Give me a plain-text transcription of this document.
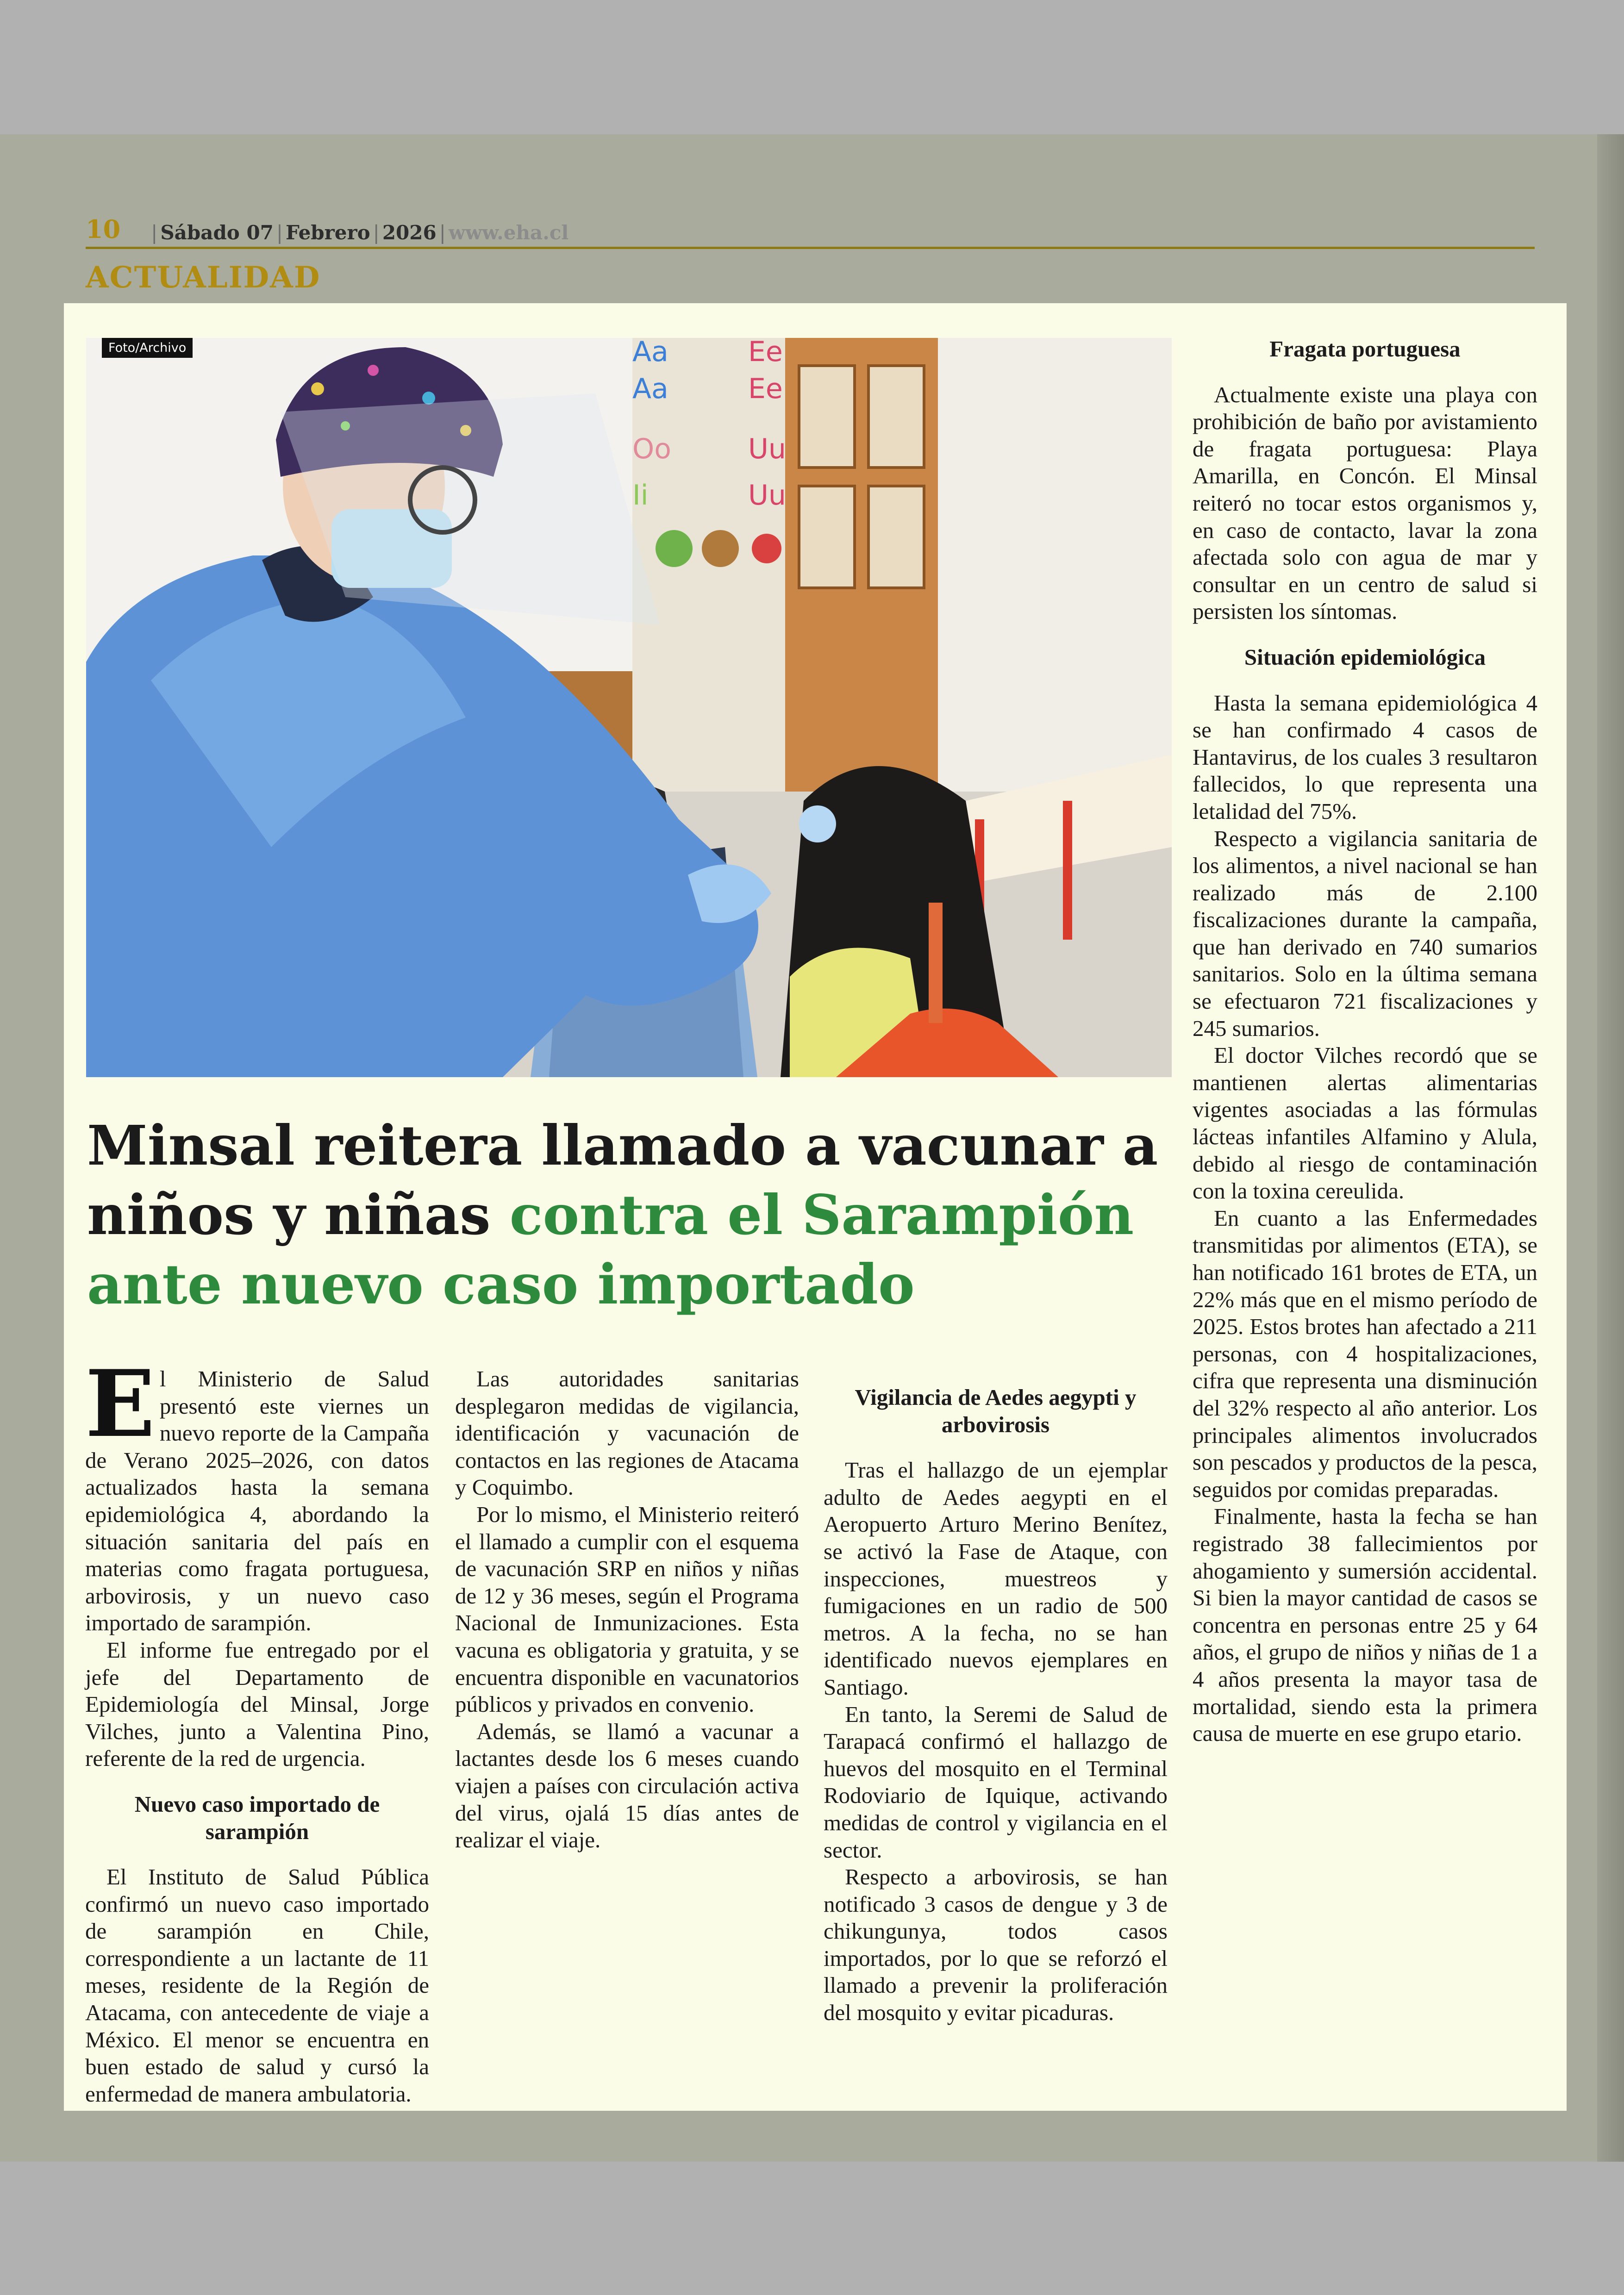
10 | Sábado 07 | Febrero | 2026 | www.eha.cl
ACTUALIDAD
Aa	Ee
Aa	Ee
Oo	Uu
Ii	Uu
Foto/Archivo
Minsal reitera llamado a vacunar a niños y niñas contra el Sarampión ante nuevo caso importado
E l Ministerio de Salud presentó este viernes un nuevo reporte de la Campaña de Verano 2025–2026, con datos actualizados hasta la semana epidemiológica 4, abordando la situación sanitaria del país en materias como fragata portuguesa, arbovirosis, y un nuevo caso importado de sarampión.

El informe fue entregado por el jefe del Departamento de Epidemiología del Minsal, Jorge Vilches, junto a Valentina Pino, referente de la red de urgencia.

Nuevo caso importado de sarampión

El Instituto de Salud Pública confirmó un nuevo caso importado de sarampión en Chile, correspondiente a un lactante de 11 meses, residente de la Región de Atacama, con antecedente de viaje a México. El menor se encuentra en buen estado de salud y cursó la enfermedad de manera ambulatoria.

Las autoridades sanitarias desplegaron medidas de vigilancia, identificación y vacunación de contactos en las regiones de Atacama y Coquimbo.

Por lo mismo, el Ministerio reiteró el llamado a cumplir con el esquema de vacunación SRP en niños y niñas de 12 y 36 meses, según el Programa Nacional de Inmunizaciones. Esta vacuna es obligatoria y gratuita, y se encuentra disponible en vacunatorios públicos y privados en convenio.

Además, se llamó a vacunar a lactantes desde los 6 meses cuando viajen a países con circulación activa del virus, ojalá 15 días antes de realizar el viaje.

Vigilancia de Aedes aegypti y arbovirosis

Tras el hallazgo de un ejemplar adulto de Aedes aegypti en el Aeropuerto Arturo Merino Benítez, se activó la Fase de Ataque, con inspecciones, muestreos y fumigaciones en un radio de 500 metros. A la fecha, no se han identificado nuevos ejemplares en Santiago.

En tanto, la Seremi de Salud de Tarapacá confirmó el hallazgo de huevos del mosquito en el Terminal Rodoviario de Iquique, activando medidas de control y vigilancia en el sector.

Respecto a arbovirosis, se han notificado 3 casos de dengue y 3 de chikungunya, todos casos importados, por lo que se reforzó el llamado a prevenir la proliferación del mosquito y evitar picaduras.

Fragata portuguesa

Actualmente existe una playa con prohibición de baño por avistamiento de fragata portuguesa: Playa Amarilla, en Concón. El Minsal reiteró no tocar estos organismos y, en caso de contacto, lavar la zona afectada solo con agua de mar y consultar en un centro de salud si persisten los síntomas.

Situación epidemiológica

Hasta la semana epidemiológica 4 se han confirmado 4 casos de Hantavirus, de los cuales 3 resultaron fallecidos, lo que representa una letalidad del 75%.

Respecto a vigilancia sanitaria de los alimentos, a nivel nacional se han realizado más de 2.100 fiscalizaciones durante la campaña, que han derivado en 740 sumarios sanitarios. Solo en la última semana se efectuaron 721 fiscalizaciones y 245 sumarios.

El doctor Vilches recordó que se mantienen alertas alimentarias vigentes asociadas a las fórmulas lácteas infantiles Alfamino y Alula, debido al riesgo de contaminación con la toxina cereulida.

En cuanto a las Enfermedades transmitidas por alimentos (ETA), se han notificado 161 brotes de ETA, un 22% más que en el mismo período de 2025. Estos brotes han afectado a 211 personas, con 4 hospitalizaciones, cifra que representa una disminución del 32% respecto al año anterior. Los principales alimentos involucrados son pescados y productos de la pesca, seguidos por comidas preparadas.

Finalmente, hasta la fecha se han registrado 38 fallecimientos por ahogamiento y sumersión accidental. Si bien la mayor cantidad de casos se concentra en personas entre 25 y 64 años, el grupo de niños y niñas de 1 a 4 años presenta la mayor tasa de mortalidad, siendo esta la primera causa de muerte en ese grupo etario.
